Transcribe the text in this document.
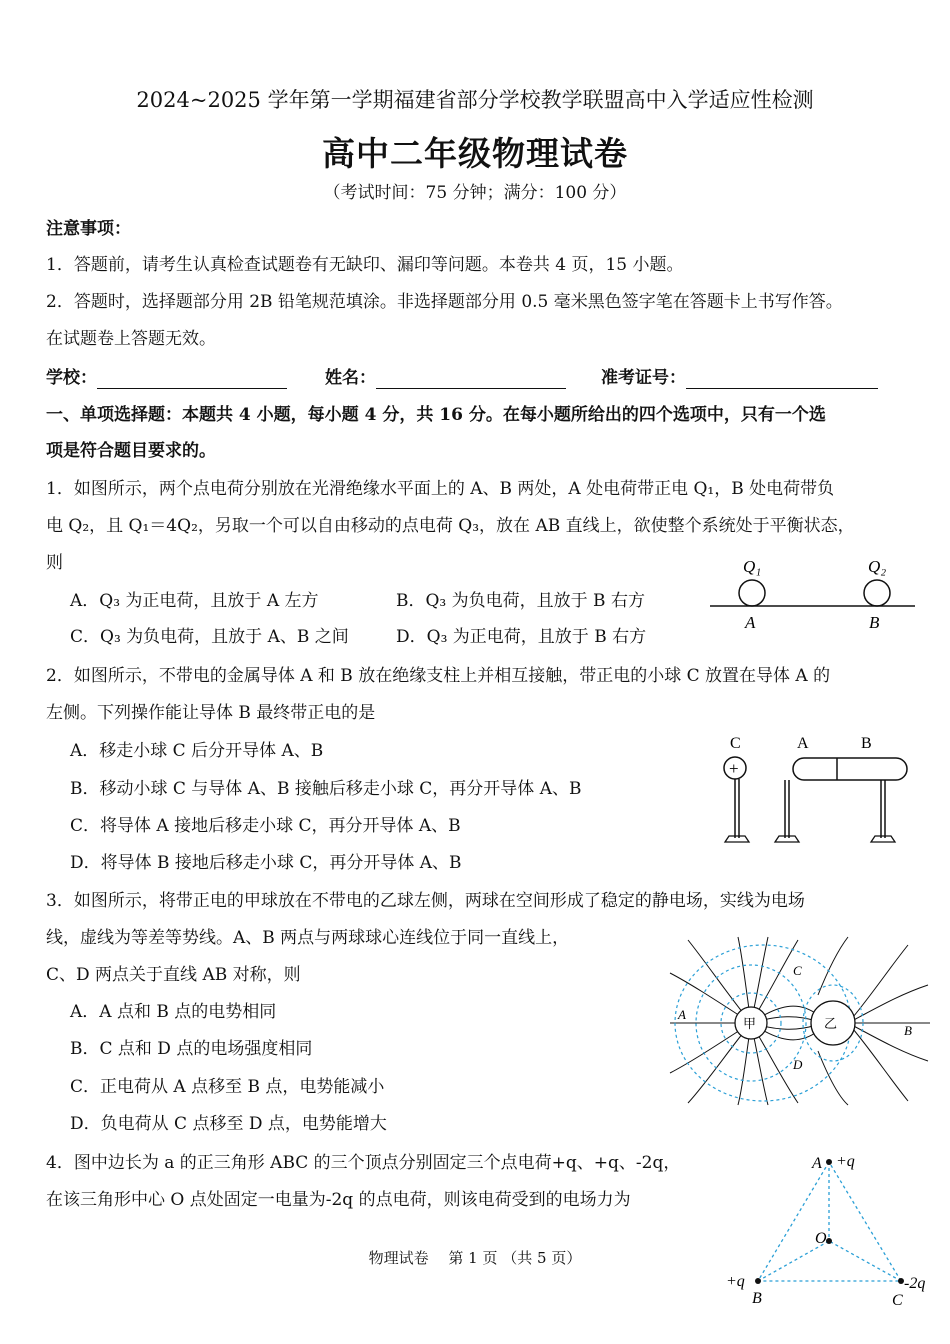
2024~2025 学年第一学期福建省部分学校教学联盟高中入学适应性检测
高中二年级物理试卷
（考试时间：75 分钟；满分：100 分）
注意事项：
1．答题前，请考生认真检查试题卷有无缺印、漏印等问题。本卷共 4 页，15 小题。
2．答题时，选择题部分用 2B 铅笔规范填涂。非选择题部分用 0.5 毫米黑色签字笔在答题卡上书写作答。
在试题卷上答题无效。
学校：	姓名：	准考证号：
一、单项选择题：本题共 4 小题，每小题 4 分，共 16 分。在每小题所给出的四个选项中，只有一个选
项是符合题目要求的。
1．如图所示，两个点电荷分别放在光滑绝缘水平面上的 A、B 两处，A 处电荷带正电 Q₁，B 处电荷带负
电 Q₂，且 Q₁＝4Q₂，另取一个可以自由移动的点电荷 Q₃，放在 AB 直线上，欲使整个系统处于平衡状态，
则
A．Q₃ 为正电荷，且放于 A 左方	B．Q₃ 为负电荷，且放于 B 右方
C．Q₃ 为负电荷，且放于 A、B 之间	D．Q₃ 为正电荷，且放于 B 右方
Q₁	Q₂
A	B
2．如图所示，不带电的金属导体 A 和 B 放在绝缘支柱上并相互接触，带正电的小球 C 放置在导体 A 的
左侧。下列操作能让导体 B 最终带正电的是
A．移走小球 C 后分开导体 A、B
B．移动小球 C 与导体 A、B 接触后移走小球 C，再分开导体 A、B
C．将导体 A 接地后移走小球 C，再分开导体 A、B
D．将导体 B 接地后移走小球 C，再分开导体 A、B
C	A	B
+
3．如图所示，将带正电的甲球放在不带电的乙球左侧，两球在空间形成了稳定的静电场，实线为电场
线，虚线为等差等势线。A、B 两点与两球球心连线位于同一直线上，
C、D 两点关于直线 AB 对称，则
A．A 点和 B 点的电势相同
B．C 点和 D 点的电场强度相同
C．正电荷从 A 点移至 B 点，电势能减小
D．负电荷从 C 点移至 D 点，电势能增大
甲	乙
A
B
C
D
4．图中边长为 a 的正三角形 ABC 的三个顶点分别固定三个点电荷+q、+q、-2q，
在该三角形中心 O 点处固定一电量为-2q 的点电荷，则该电荷受到的电场力为
A +q
O
+q
B
-2q
C
物理试卷　 第 1 页 （共 5 页）
